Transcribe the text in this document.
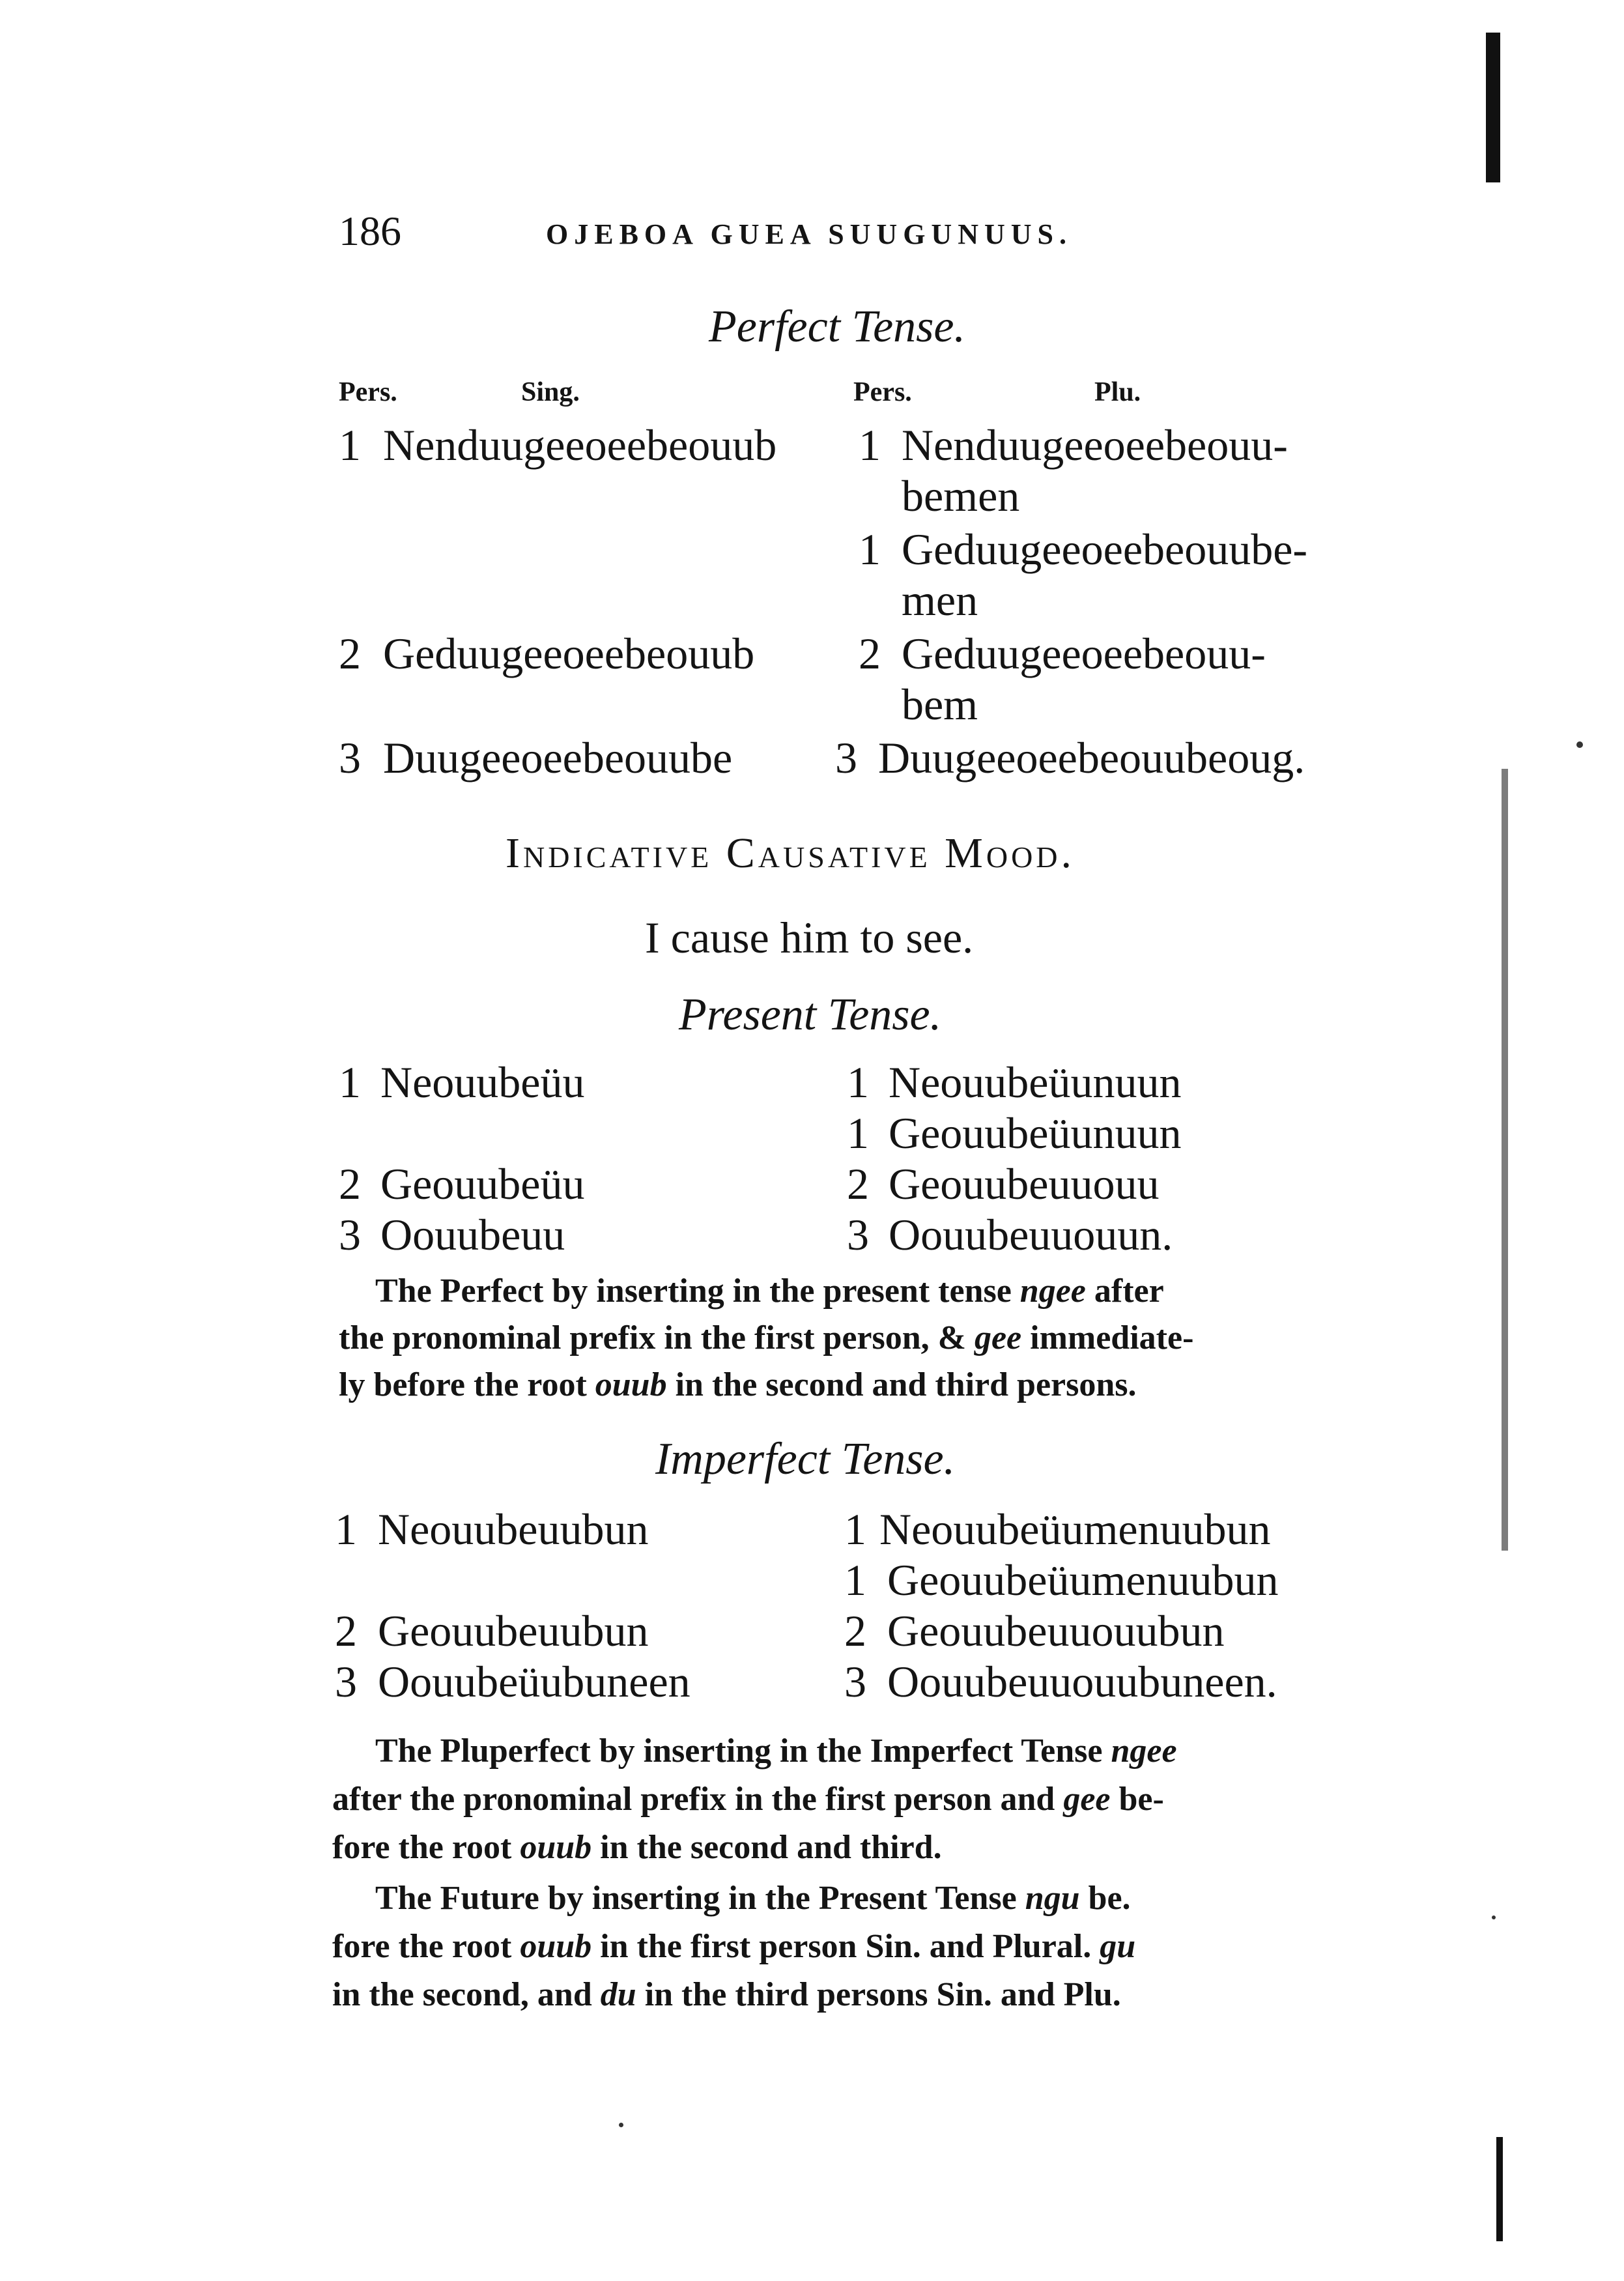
186	OJEBOA GUEA SUUGUNUUS.
Perfect Tense.
Pers.	Sing.	Pers.	Plu.
1 Nenduugeeoeebeouub 1 Nenduugeeoeebeouu-
bemen
1 Geduugeeoeebeouube-
men
2 Geduugeeoeebeouub 2 Geduugeeoeebeouu-
bem
3 Duugeeoeebeouube 3 Duugeeoeebeouubeoug.
Indicative Causative Mood.
I cause him to see.
Present Tense.
1 Neouubeüu	1 Neouubeüunuun
1 Geouubeüunuun
2 Geouubeüu	2 Geouubeuuouu
3 Oouubeuu	3 Oouubeuuouun.
The Perfect by inserting in the present tense ngee after
the pronominal prefix in the first person, & gee immediate-
ly before the root ouub in the second and third persons.
Imperfect Tense.
1 Neouubeuubun	1 Neouubeüumenuubun
1 Geouubeüumenuubun
2 Geouubeuubun	2 Geouubeuuouubun
3 Oouubeüubuneen	3 Oouubeuuouubuneen.
The Pluperfect by inserting in the Imperfect Tense ngee
after the pronominal prefix in the first person and gee be-
fore the root ouub in the second and third.
The Future by inserting in the Present Tense ngu be.
fore the root ouub in the first person Sin. and Plural. gu
in the second, and du in the third persons Sin. and Plu.
